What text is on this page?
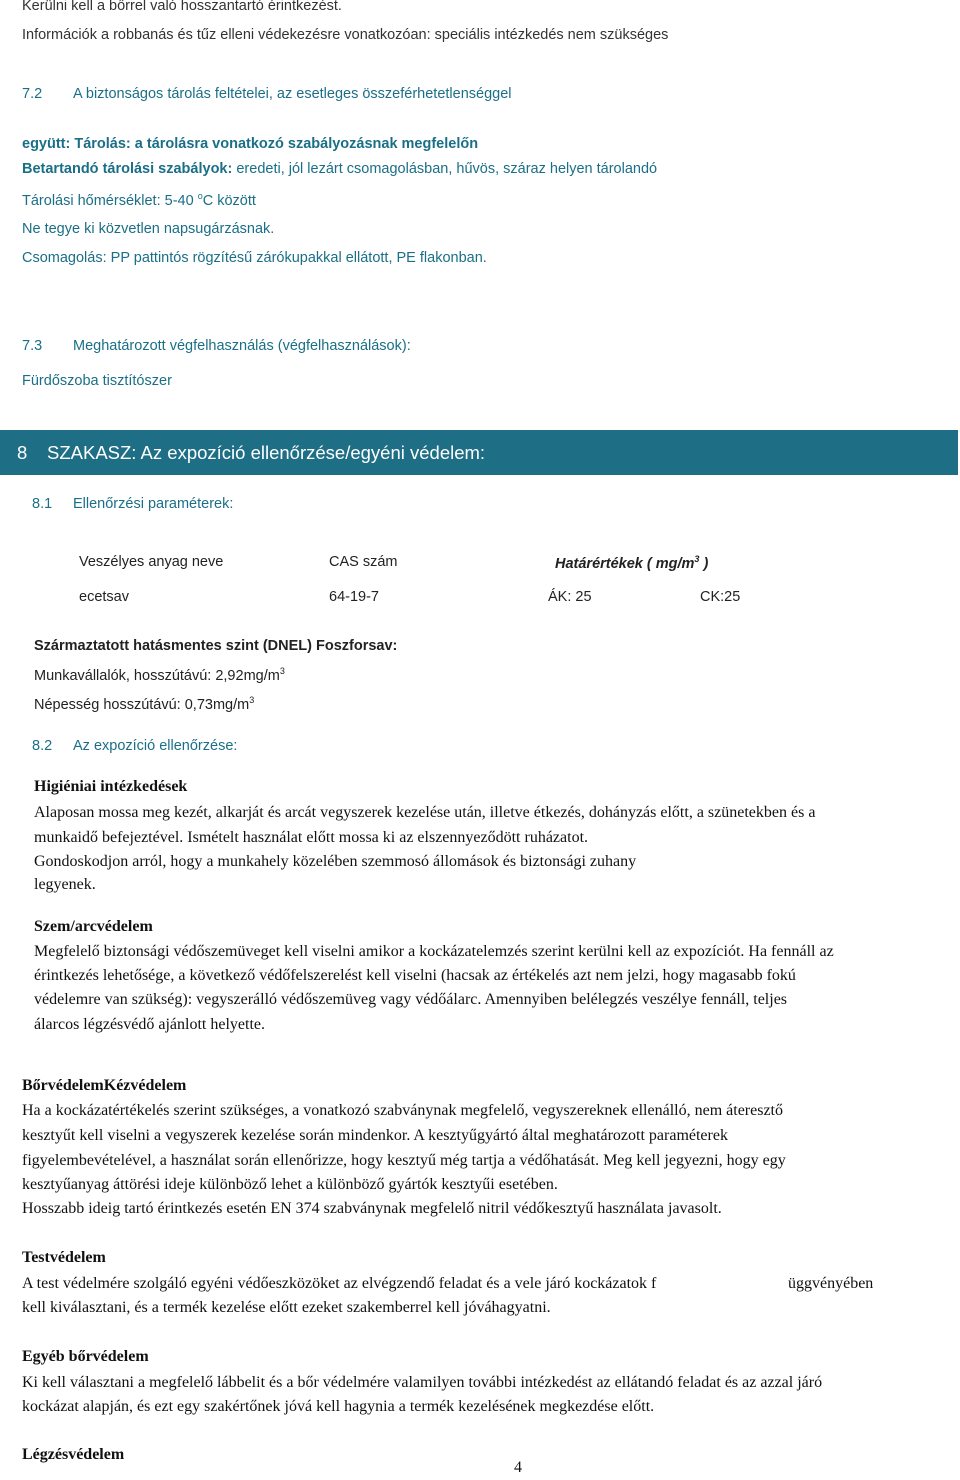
Kerülni kell a bőrrel való hosszantartó érintkezést.
Információk a robbanás és tűz elleni védekezésre vonatkozóan: speciális intézkedés nem szükséges
7.2 A biztonságos tárolás feltételei, az esetleges összeférhetetlenséggel
együtt: Tárolás: a tárolásra vonatkozó szabályozásnak megfelelőn
Betartandó tárolási szabályok: eredeti, jól lezárt csomagolásban, hűvös, száraz helyen tárolandó
Tárolási hőmérséklet: 5-40 $^o$C között
Ne tegye ki közvetlen napsugárzásnak.
Csomagolás: PP pattintós rögzítésű zárókupakkal ellátott, PE flakonban.
7.3 Meghatározott végfelhasználás (végfelhasználások):
Fürdőszoba tisztítószer
8 SZAKASZ: Az expozíció ellenőrzése/egyéni védelem:
8.1 Ellenőrzési paraméterek:
Veszélyes anyag neve	CAS szám	Határértékek ( $mg/m^3$ )
ecetsav	64-19-7	ÁK: 25	CK:25
Származtatott hatásmentes szint (DNEL) Foszforsav:
Munkavállalók, hosszútávú: $2,92mg/m^3$
Népesség hosszútávú: $0,73mg/m^3$
8.2 Az expozíció ellenőrzése:
Higiéniai intézkedések
Alaposan mossa meg kezét, alkarját és arcát vegyszerek kezelése után, illetve étkezés, dohányzás előtt, a szünetekben és a
munkaidő befejeztével. Ismételt használat előtt mossa ki az elszennyeződött ruházatot.
Gondoskodjon arról, hogy a munkahely közelében szemmosó állomások és biztonsági zuhany
legyenek.
Szem/arcvédelem
Megfelelő biztonsági védőszemüveget kell viselni amikor a kockázatelemzés szerint kerülni kell az expozíciót. Ha fennáll az
érintkezés lehetősége, a következő védőfelszerelést kell viselni (hacsak az értékelés azt nem jelzi, hogy magasabb fokú
védelemre van szükség): vegyszerálló védőszemüveg vagy védőálarc. Amennyiben belélegzés veszélye fennáll, teljes
álarcos légzésvédő ajánlott helyette.
BőrvédelemKézvédelem
Ha a kockázatértékelés szerint szükséges, a vonatkozó szabványnak megfelelő, vegyszereknek ellenálló, nem áteresztő
kesztyűt kell viselni a vegyszerek kezelése során mindenkor. A kesztyűgyártó által meghatározott paraméterek
figyelembevételével, a használat során ellenőrizze, hogy kesztyű még tartja a védőhatását. Meg kell jegyezni, hogy egy
kesztyűanyag áttörési ideje különböző lehet a különböző gyártók kesztyűi esetében.
Hosszabb ideig tartó érintkezés esetén EN 374 szabványnak megfelelő nitril védőkesztyű használata javasolt.
Testvédelem
A test védelmére szolgáló egyéni védőeszközöket az elvégzendő feladat és a vele járó kockázatok f	üggvényében
kell kiválasztani, és a termék kezelése előtt ezeket szakemberrel kell jóváhagyatni.
Egyéb bőrvédelem
Ki kell választani a megfelelő lábbelit és a bőr védelmére valamilyen további intézkedést az ellátandó feladat és az azzal járó
kockázat alapján, és ezt egy szakértőnek jóvá kell hagynia a termék kezelésének megkezdése előtt.
Légzésvédelem
4
